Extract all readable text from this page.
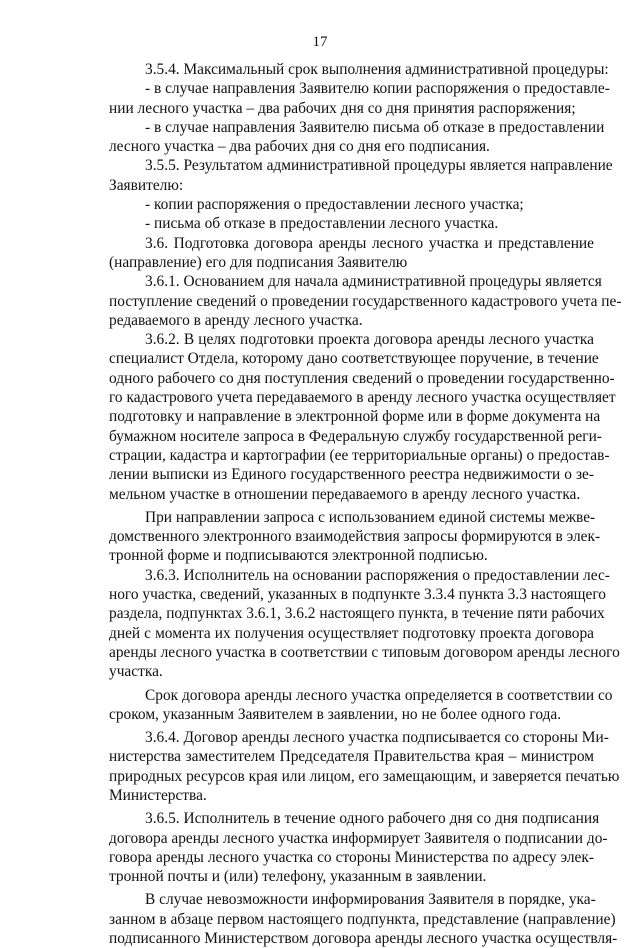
17
3.5.4. Максимальный срок выполнения административной процедуры:
- в случае направления Заявителю копии распоряжения о предоставле-
нии лесного участка – два рабочих дня со дня принятия распоряжения;
- в случае направления Заявителю письма об отказе в предоставлении
лесного участка – два рабочих дня со дня его подписания.
3.5.5. Результатом административной процедуры является направление
Заявителю:
- копии распоряжения о предоставлении лесного участка;
- письма об отказе в предоставлении лесного участка.
3.6. Подготовка договора аренды лесного участка и представление
(направление) его для подписания Заявителю
3.6.1. Основанием для начала административной процедуры является
поступление сведений о проведении государственного кадастрового учета пе-
редаваемого в аренду лесного участка.
3.6.2. В целях подготовки проекта договора аренды лесного участка
специалист Отдела, которому дано соответствующее поручение, в течение
одного рабочего со дня поступления сведений о проведении государственно-
го кадастрового учета передаваемого в аренду лесного участка осуществляет
подготовку и направление в электронной форме или в форме документа на
бумажном носителе запроса в Федеральную службу государственной реги-
страции, кадастра и картографии (ее территориальные органы) о предостав-
лении выписки из Единого государственного реестра недвижимости о зе-
мельном участке в отношении передаваемого в аренду лесного участка.
При направлении запроса с использованием единой системы межве-
домственного электронного взаимодействия запросы формируются в элек-
тронной форме и подписываются электронной подписью.
3.6.3. Исполнитель на основании распоряжения о предоставлении лес-
ного участка, сведений, указанных в подпункте 3.3.4 пункта 3.3 настоящего
раздела, подпунктах 3.6.1, 3.6.2 настоящего пункта, в течение пяти рабочих
дней с момента их получения осуществляет подготовку проекта договора
аренды лесного участка в соответствии с типовым договором аренды лесного
участка.
Срок договора аренды лесного участка определяется в соответствии со
сроком, указанным Заявителем в заявлении, но не более одного года.
3.6.4. Договор аренды лесного участка подписывается со стороны Ми-
нистерства заместителем Председателя Правительства края – министром
природных ресурсов края или лицом, его замещающим, и заверяется печатью
Министерства.
3.6.5. Исполнитель в течение одного рабочего дня со дня подписания
договора аренды лесного участка информирует Заявителя о подписании до-
говора аренды лесного участка со стороны Министерства по адресу элек-
тронной почты и (или) телефону, указанным в заявлении.
В случае невозможности информирования Заявителя в порядке, ука-
занном в абзаце первом настоящего подпункта, представление (направление)
подписанного Министерством договора аренды лесного участка осуществля-
